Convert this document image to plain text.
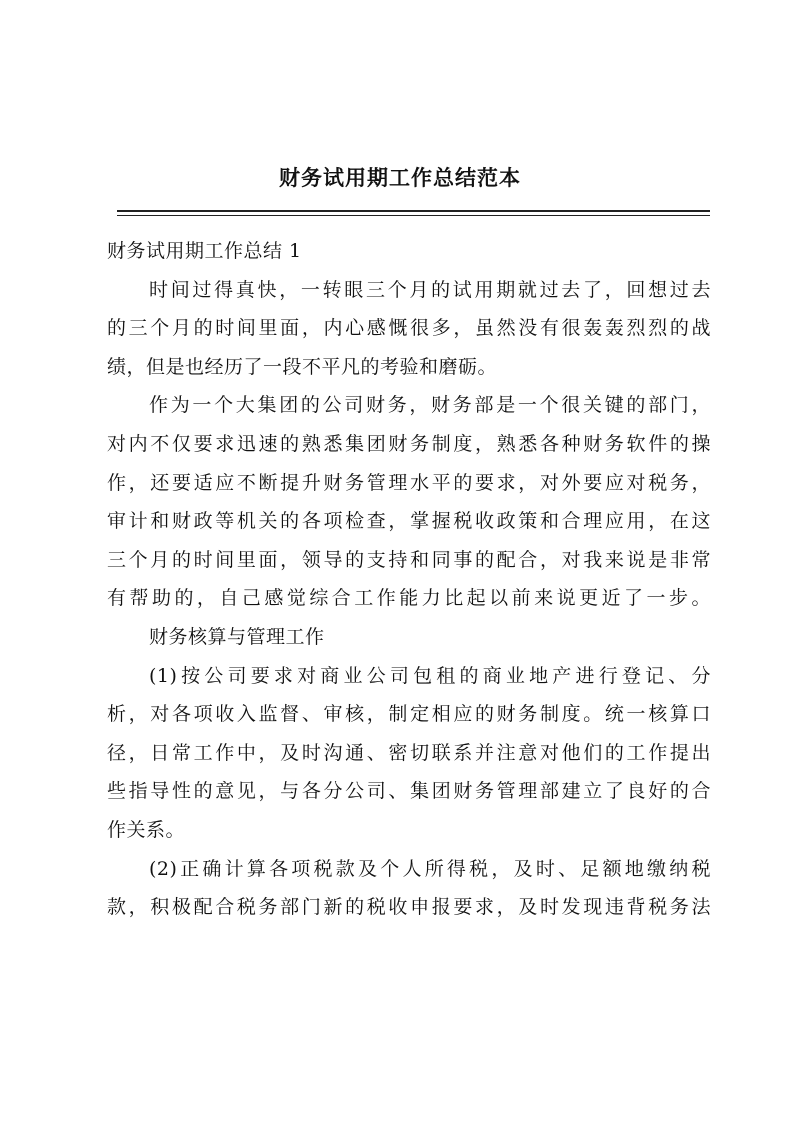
财务试用期工作总结范本
财务试用期工作总结 1
时间过得真快，一转眼三个月的试用期就过去了，回想过去
的三个月的时间里面，内心感慨很多，虽然没有很轰轰烈烈的战
绩，但是也经历了一段不平凡的考验和磨砺。
作为一个大集团的公司财务，财务部是一个很关键的部门，
对内不仅要求迅速的熟悉集团财务制度，熟悉各种财务软件的操
作，还要适应不断提升财务管理水平的要求，对外要应对税务，
审计和财政等机关的各项检查，掌握税收政策和合理应用，在这
三个月的时间里面，领导的支持和同事的配合，对我来说是非常
有帮助的，自己感觉综合工作能力比起以前来说更近了一步。
财务核算与管理工作
(1)按公司要求对商业公司包租的商业地产进行登记、分
析，对各项收入监督、审核，制定相应的财务制度。统一核算口
径，日常工作中，及时沟通、密切联系并注意对他们的工作提出
些指导性的意见，与各分公司、集团财务管理部建立了良好的合
作关系。
(2)正确计算各项税款及个人所得税，及时、足额地缴纳税
款，积极配合税务部门新的税收申报要求，及时发现违背税务法
